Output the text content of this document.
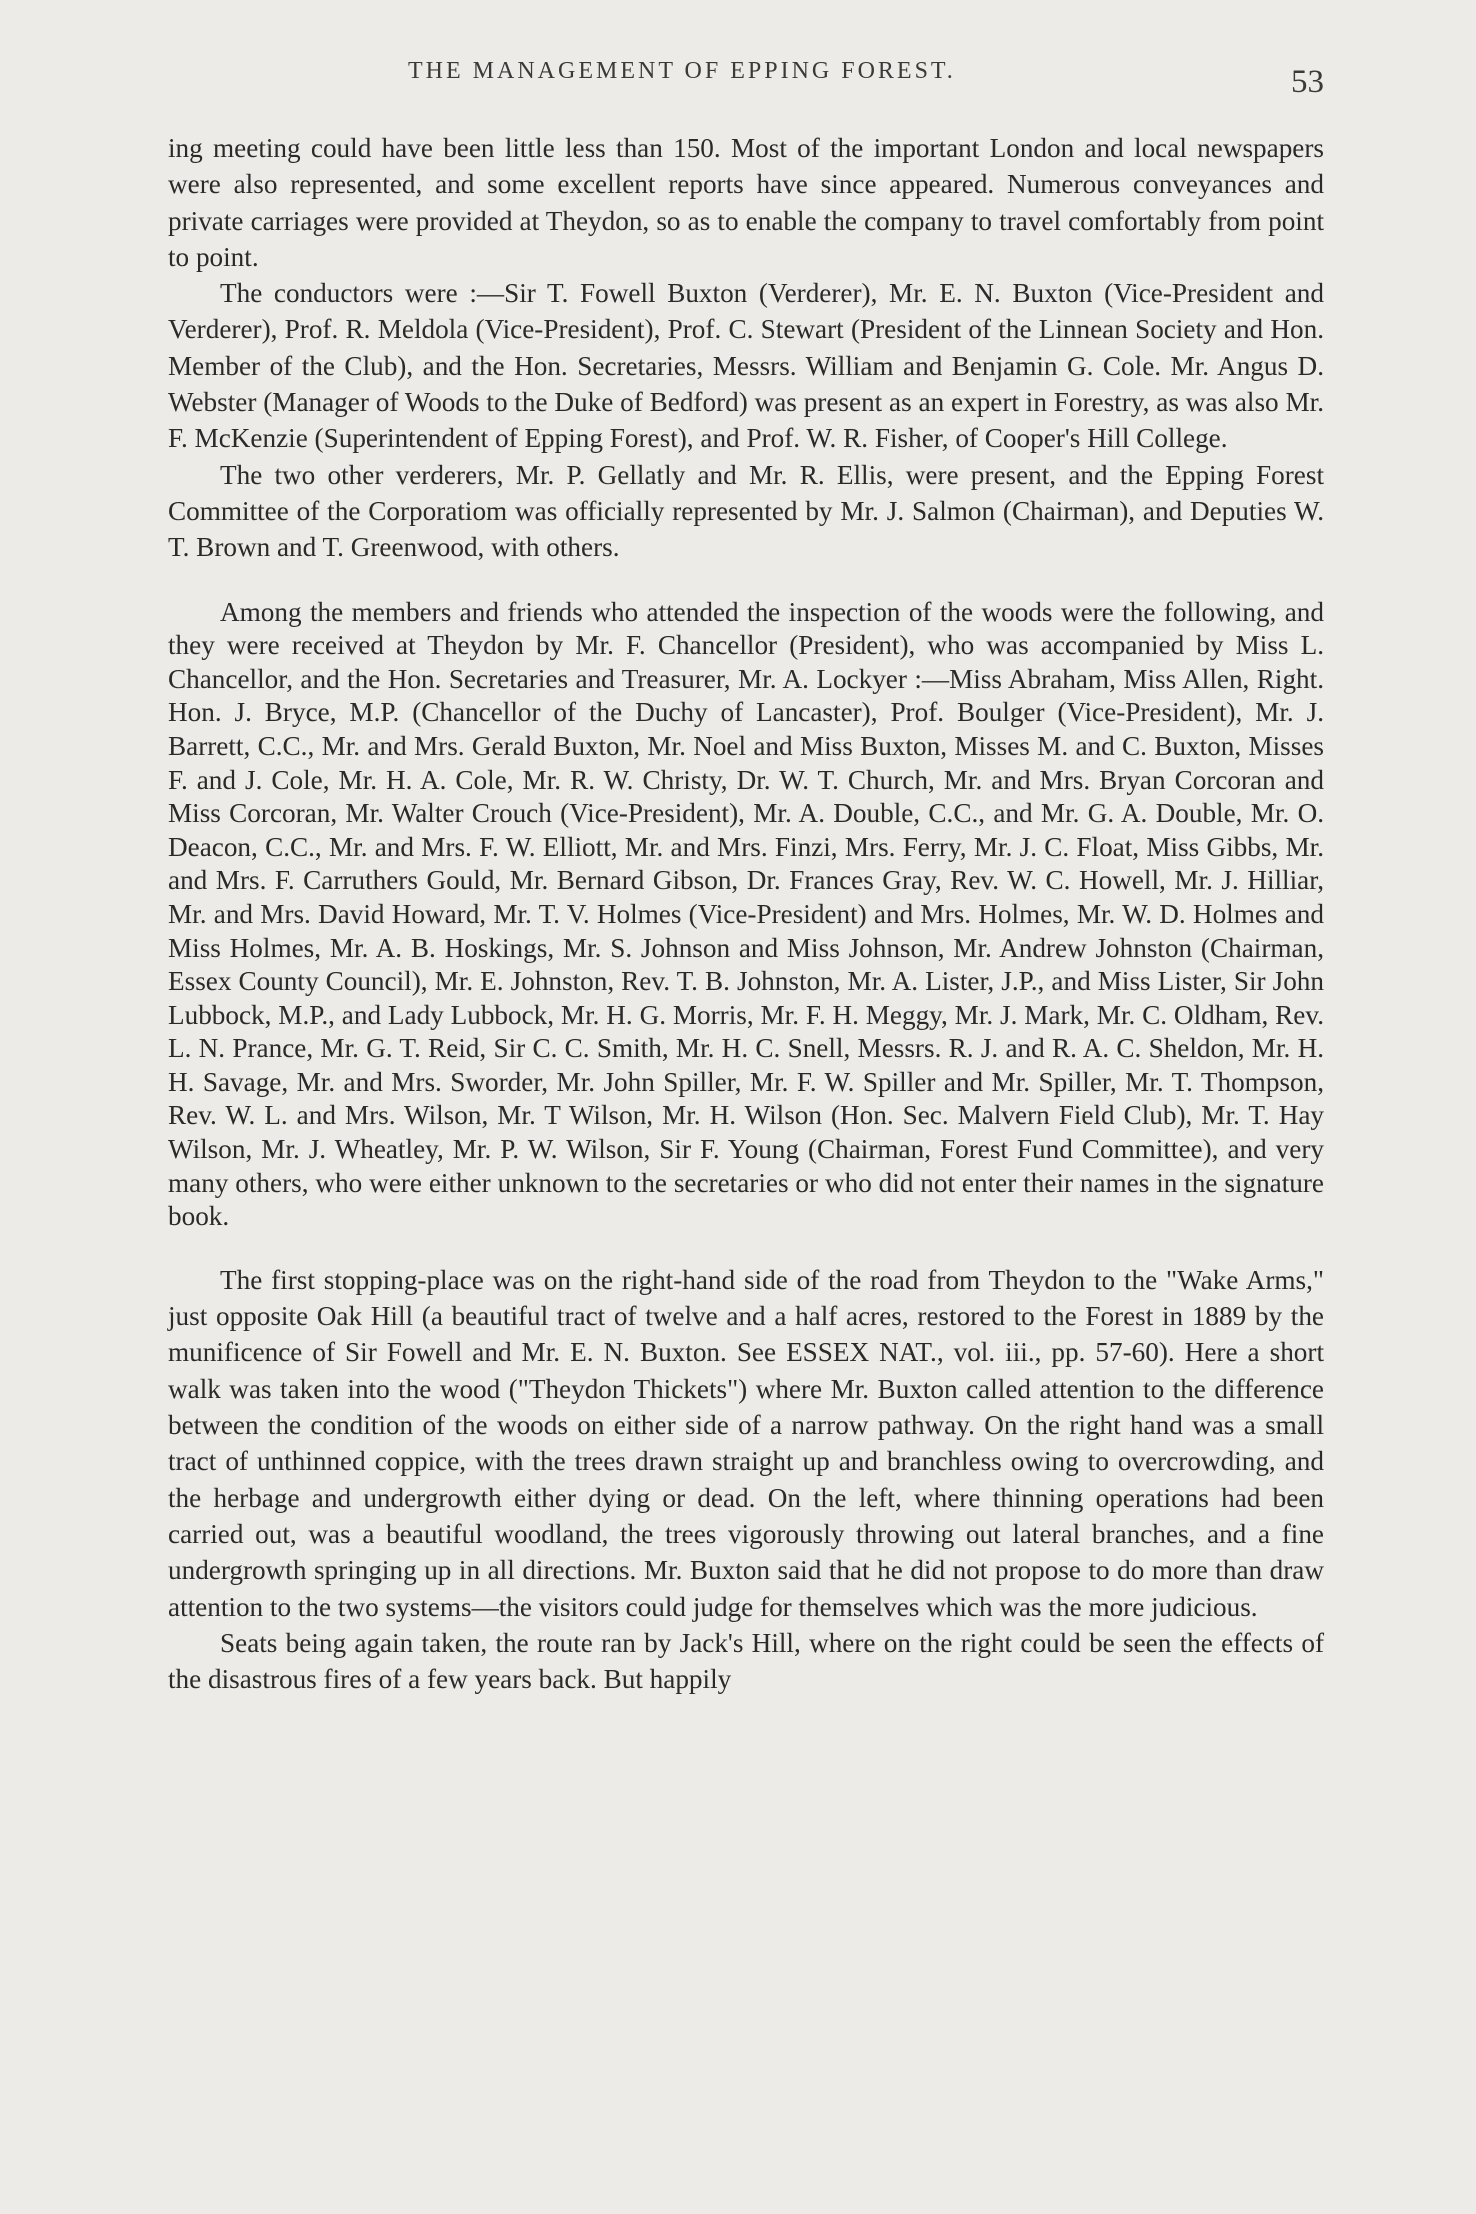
THE MANAGEMENT OF EPPING FOREST.	53

ing meeting could have been little less than 150. Most of the important London and local newspapers were also represented, and some excellent reports have since appeared. Numerous conveyances and private carriages were provided at Theydon, so as to enable the company to travel comfortably from point to point.

The conductors were :—Sir T. Fowell Buxton (Verderer), Mr. E. N. Buxton (Vice-President and Verderer), Prof. R. Meldola (Vice-President), Prof. C. Stewart (President of the Linnean Society and Hon. Member of the Club), and the Hon. Secretaries, Messrs. William and Benjamin G. Cole. Mr. Angus D. Webster (Manager of Woods to the Duke of Bedford) was present as an expert in Forestry, as was also Mr. F. McKenzie (Superintendent of Epping Forest), and Prof. W. R. Fisher, of Cooper's Hill College.

The two other verderers, Mr. P. Gellatly and Mr. R. Ellis, were present, and the Epping Forest Committee of the Corporatiom was officially represented by Mr. J. Salmon (Chairman), and Deputies W. T. Brown and T. Greenwood, with others.

Among the members and friends who attended the inspection of the woods were the following, and they were received at Theydon by Mr. F. Chancellor (President), who was accompanied by Miss L. Chancellor, and the Hon. Secretaries and Treasurer, Mr. A. Lockyer :—Miss Abraham, Miss Allen, Right. Hon. J. Bryce, M.P. (Chancellor of the Duchy of Lancaster), Prof. Boulger (Vice-President), Mr. J. Barrett, C.C., Mr. and Mrs. Gerald Buxton, Mr. Noel and Miss Buxton, Misses M. and C. Buxton, Misses F. and J. Cole, Mr. H. A. Cole, Mr. R. W. Christy, Dr. W. T. Church, Mr. and Mrs. Bryan Corcoran and Miss Corcoran, Mr. Walter Crouch (Vice-President), Mr. A. Double, C.C., and Mr. G. A. Double, Mr. O. Deacon, C.C., Mr. and Mrs. F. W. Elliott, Mr. and Mrs. Finzi, Mrs. Ferry, Mr. J. C. Float, Miss Gibbs, Mr. and Mrs. F. Carruthers Gould, Mr. Bernard Gibson, Dr. Frances Gray, Rev. W. C. Howell, Mr. J. Hilliar, Mr. and Mrs. David Howard, Mr. T. V. Holmes (Vice-President) and Mrs. Holmes, Mr. W. D. Holmes and Miss Holmes, Mr. A. B. Hoskings, Mr. S. Johnson and Miss Johnson, Mr. Andrew Johnston (Chairman, Essex County Council), Mr. E. Johnston, Rev. T. B. Johnston, Mr. A. Lister, J.P., and Miss Lister, Sir John Lubbock, M.P., and Lady Lubbock, Mr. H. G. Morris, Mr. F. H. Meggy, Mr. J. Mark, Mr. C. Oldham, Rev. L. N. Prance, Mr. G. T. Reid, Sir C. C. Smith, Mr. H. C. Snell, Messrs. R. J. and R. A. C. Sheldon, Mr. H. H. Savage, Mr. and Mrs. Sworder, Mr. John Spiller, Mr. F. W. Spiller and Mr. Spiller, Mr. T. Thompson, Rev. W. L. and Mrs. Wilson, Mr. T Wilson, Mr. H. Wilson (Hon. Sec. Malvern Field Club), Mr. T. Hay Wilson, Mr. J. Wheatley, Mr. P. W. Wilson, Sir F. Young (Chairman, Forest Fund Committee), and very many others, who were either unknown to the secretaries or who did not enter their names in the signature book.

The first stopping-place was on the right-hand side of the road from Theydon to the "Wake Arms," just opposite Oak Hill (a beautiful tract of twelve and a half acres, restored to the Forest in 1889 by the munificence of Sir Fowell and Mr. E. N. Buxton. See ESSEX NAT., vol. iii., pp. 57-60). Here a short walk was taken into the wood ("Theydon Thickets") where Mr. Buxton called attention to the difference between the condition of the woods on either side of a narrow pathway. On the right hand was a small tract of unthinned coppice, with the trees drawn straight up and branchless owing to overcrowding, and the herbage and undergrowth either dying or dead. On the left, where thinning operations had been carried out, was a beautiful woodland, the trees vigorously throwing out lateral branches, and a fine undergrowth springing up in all directions. Mr. Buxton said that he did not propose to do more than draw attention to the two systems—the visitors could judge for themselves which was the more judicious.

Seats being again taken, the route ran by Jack's Hill, where on the right could be seen the effects of the disastrous fires of a few years back. But happily
